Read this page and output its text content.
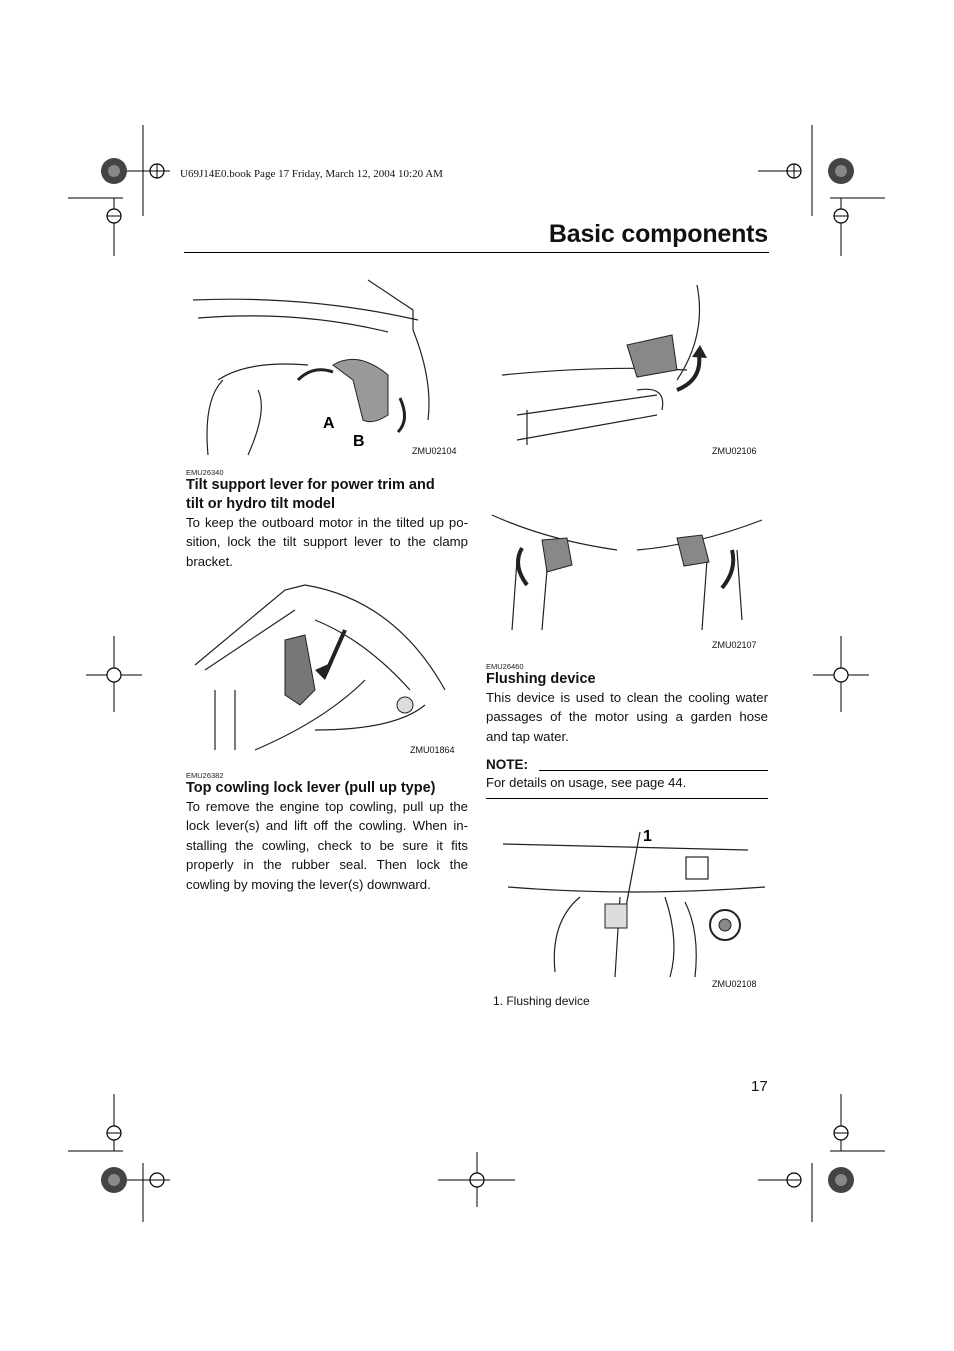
U69J14E0.book Page 17 Friday, March 12, 2004 10:20 AM
Basic components
A
B
ZMU02104
EMU26340
Tilt support lever for power trim and
tilt or hydro tilt model
To keep the outboard motor in the tilted up po-
sition, lock the tilt support lever to the clamp
bracket.
ZMU01864
EMU26382
Top cowling lock lever (pull up type)
To remove the engine top cowling, pull up the
lock lever(s) and lift off the cowling. When in-
stalling the cowling, check to be sure it fits
properly in the rubber seal. Then lock the
cowling by moving the lever(s) downward.
ZMU02106
ZMU02107
EMU26460
Flushing device
This device is used to clean the cooling water
passages of the motor using a garden hose
and tap water.
NOTE:
For details on usage, see page 44.
1
ZMU02108
1. Flushing device
17
